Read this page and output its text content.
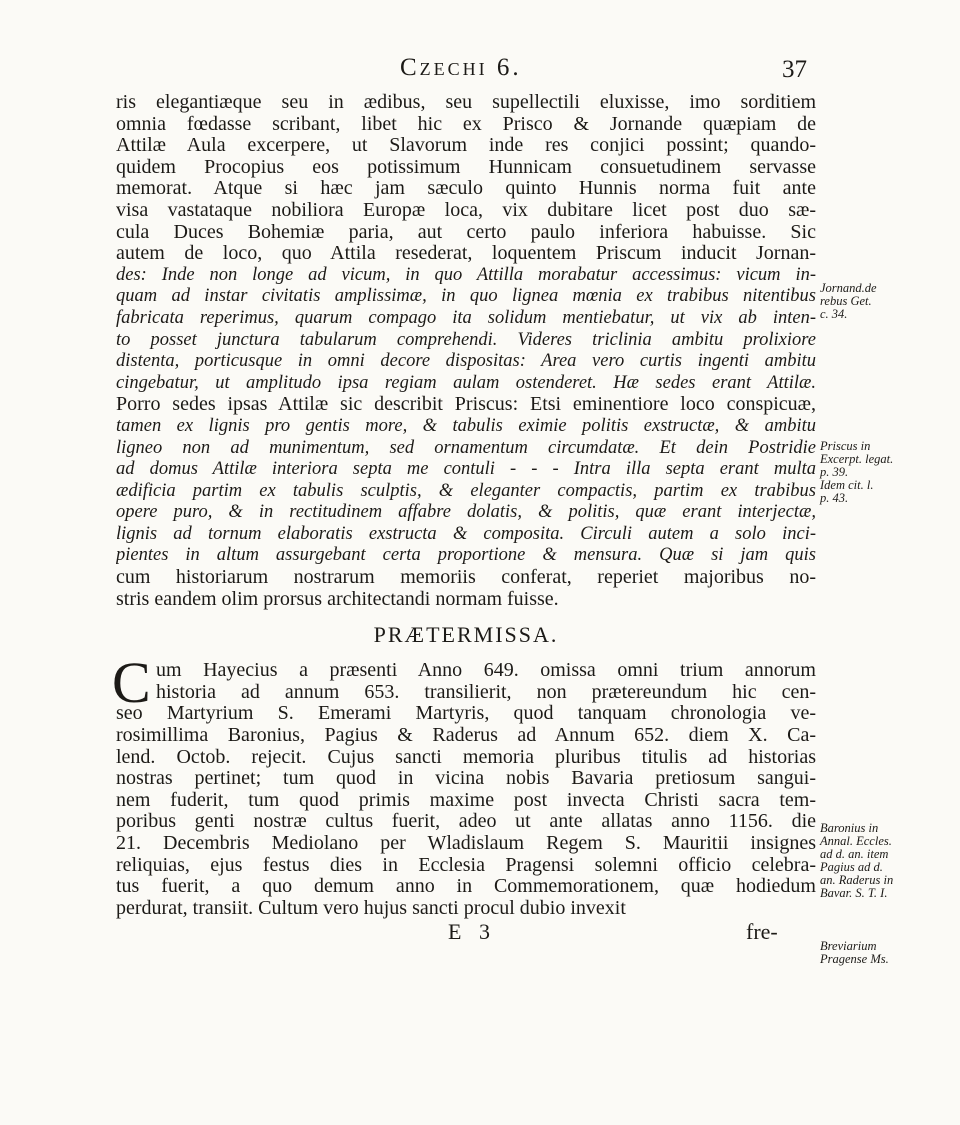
Czechi 6.	37
ris elegantiæque seu in ædibus, seu supellectili eluxisse, imo sorditiem
omnia fœdasse scribant, libet hic ex Prisco & Jornande quæpiam de
Attilæ Aula excerpere, ut Slavorum inde res conjici possint; quando-
quidem Procopius eos potissimum Hunnicam consuetudinem servasse
memorat. Atque si hæc jam sæculo quinto Hunnis norma fuit ante
visa vastataque nobiliora Europæ loca, vix dubitare licet post duo sæ-
cula Duces Bohemiæ paria, aut certo paulo inferiora habuisse. Sic
autem de loco, quo Attila resederat, loquentem Priscum inducit Jornan-
des: Inde non longe ad vicum, in quo Attilla morabatur accessimus: vicum in-
quam ad instar civitatis amplissimæ, in quo lignea mœnia ex trabibus nitentibus
fabricata reperimus, quarum compago ita solidum mentiebatur, ut vix ab inten-
to posset junctura tabularum comprehendi. Videres triclinia ambitu prolixiore
distenta, porticusque in omni decore dispositas: Area vero curtis ingenti ambitu
cingebatur, ut amplitudo ipsa regiam aulam ostenderet. Hæ sedes erant Attilæ.
Porro sedes ipsas Attilæ sic describit Priscus: Etsi eminentiore loco conspicuæ,
tamen ex lignis pro gentis more, & tabulis eximie politis exstructæ, & ambitu
ligneo non ad munimentum, sed ornamentum circumdatæ. Et dein Postridie
ad domus Attilæ interiora septa me contuli - - - Intra illa septa erant multa
ædificia partim ex tabulis sculptis, & eleganter compactis, partim ex trabibus
opere puro, & in rectitudinem affabre dolatis, & politis, quæ erant interjectæ,
lignis ad tornum elaboratis exstructa & composita. Circuli autem a solo inci-
pientes in altum assurgebant certa proportione & mensura. Quæ si jam quis
cum historiarum nostrarum memoriis conferat, reperiet majoribus no-
stris eandem olim prorsus architectandi normam fuisse.
PRÆTERMISSA.
C um Hayecius a præsenti Anno 649. omissa omni trium annorum
historia ad annum 653. transilierit, non prætereundum hic cen-
seo Martyrium S. Emerami Martyris, quod tanquam chronologia ve-
rosimillima Baronius, Pagius & Raderus ad Annum 652. diem X. Ca-
lend. Octob. rejecit. Cujus sancti memoria pluribus titulis ad historias
nostras pertinet; tum quod in vicina nobis Bavaria pretiosum sangui-
nem fuderit, tum quod primis maxime post invecta Christi sacra tem-
poribus genti nostræ cultus fuerit, adeo ut ante allatas anno 1156. die
21. Decembris Mediolano per Wladislaum Regem S. Mauritii insignes
reliquias, ejus festus dies in Ecclesia Pragensi solemni officio celebra-
tus fuerit, a quo demum anno in Commemorationem, quæ hodiedum
perdurat, transiit. Cultum vero hujus sancti procul dubio invexit
E 3	fre-
Jornand.de
rebus Get.
c. 34.
Priscus in
Excerpt. legat.
p. 39.
Idem cit. l.
p. 43.
Baronius in
Annal. Eccles.
ad d. an. item
Pagius ad d.
an. Raderus in
Bavar. S. T. I.
Breviarium
Pragense Ms.
